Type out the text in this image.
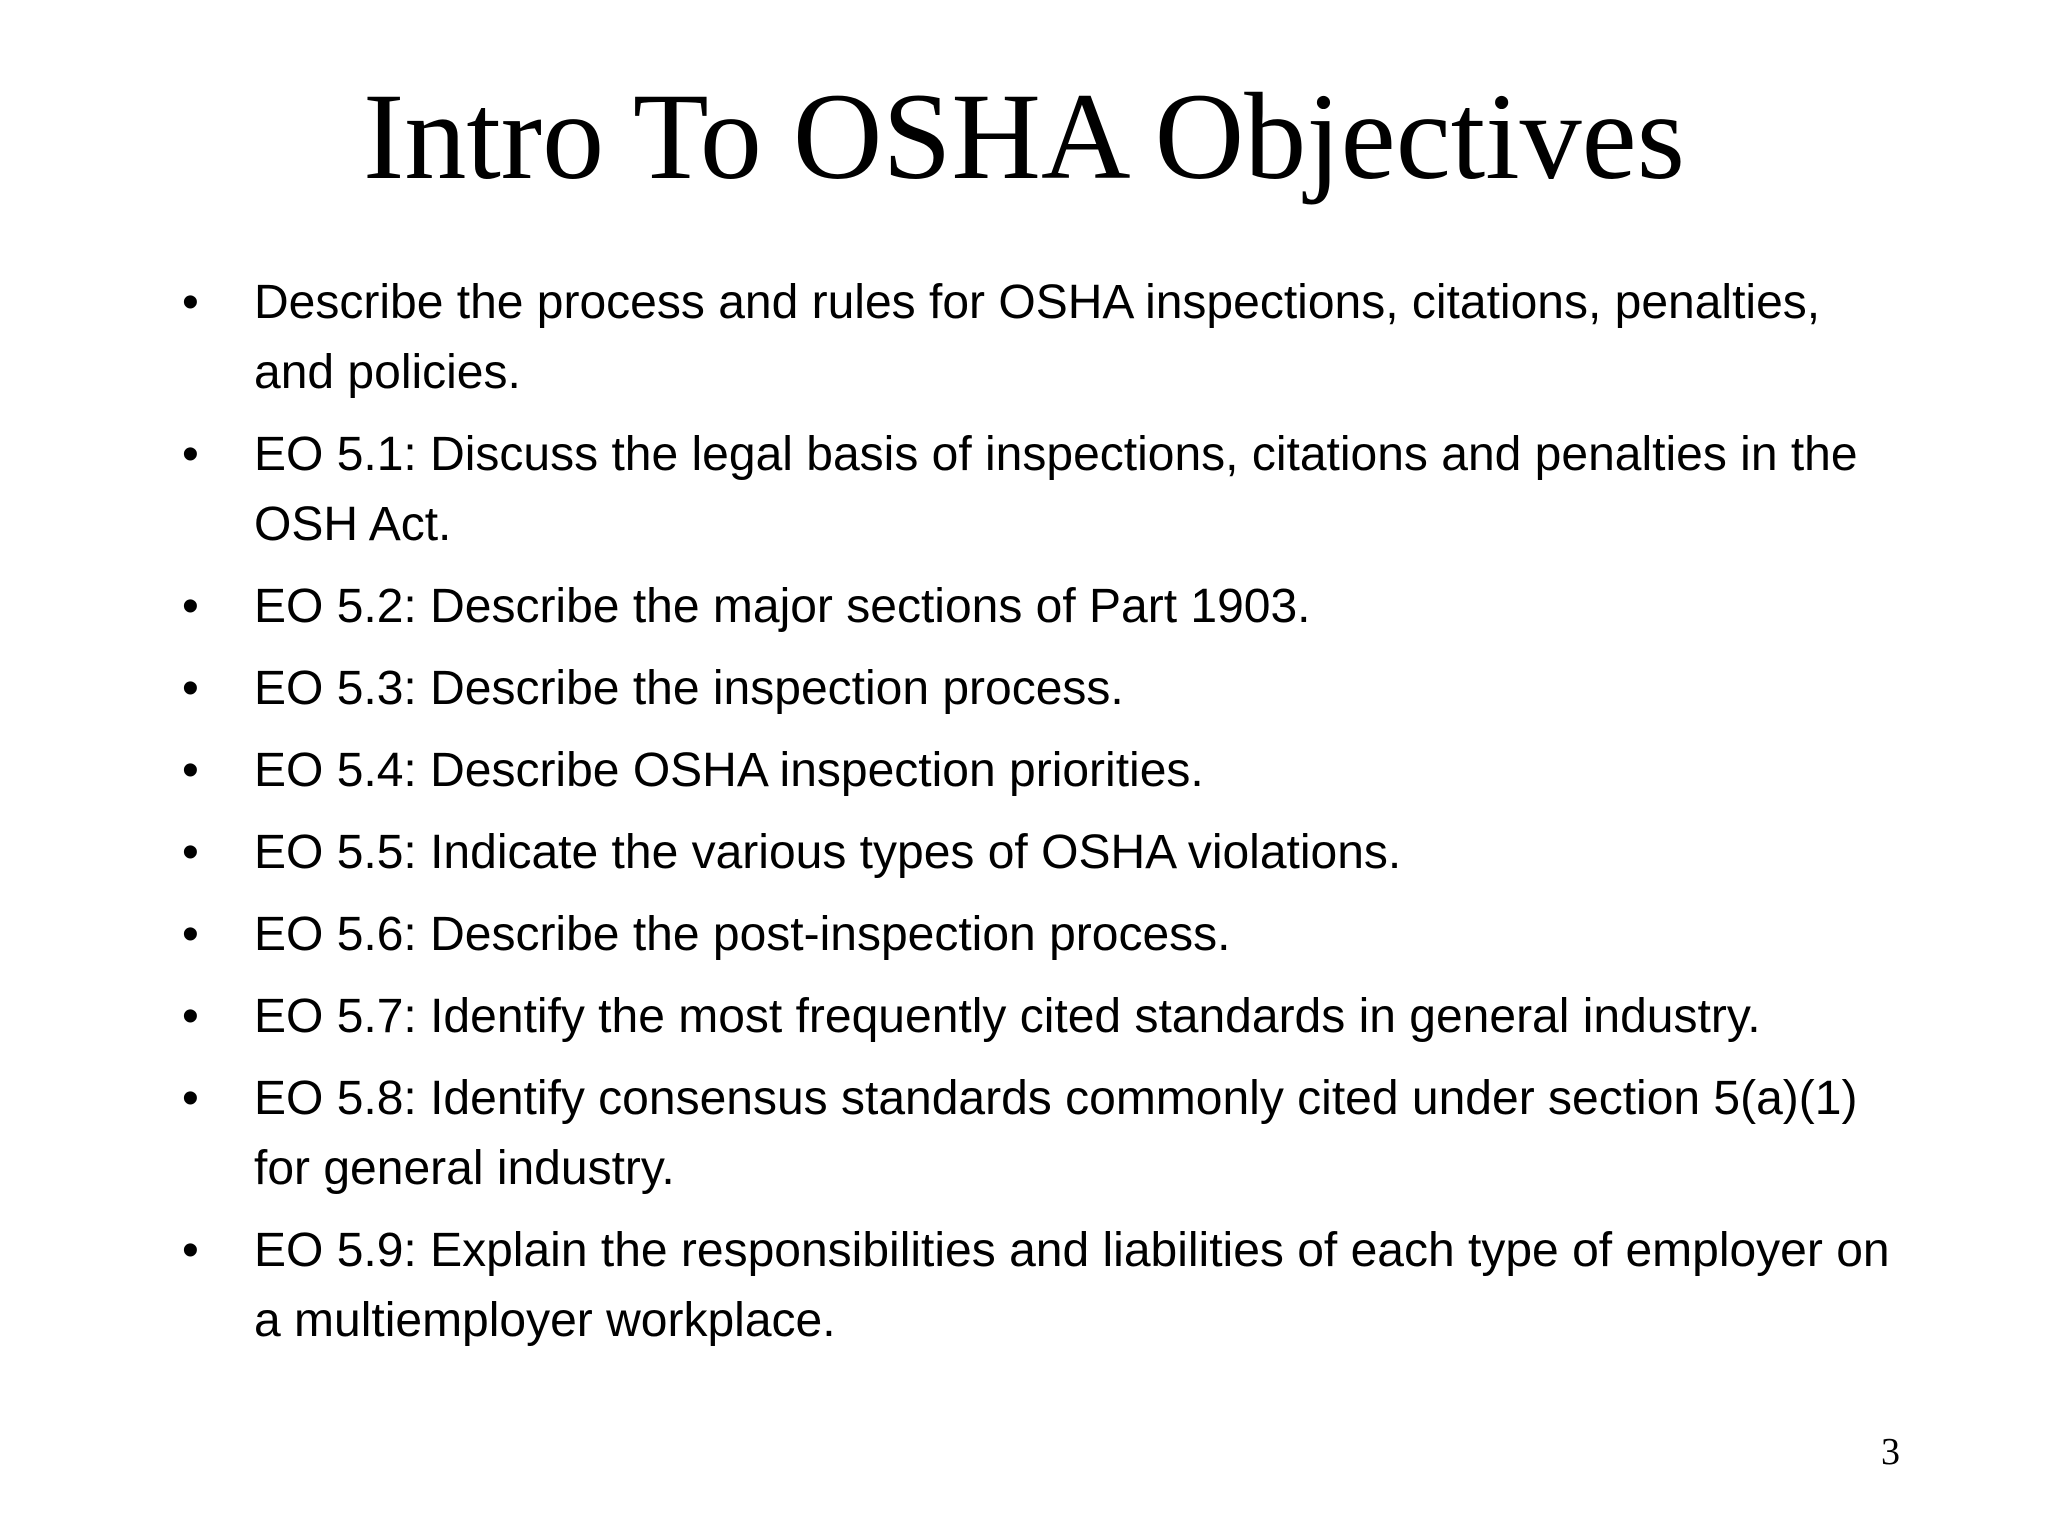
Intro To OSHA Objectives
• Describe the process and rules for OSHA inspections, citations, penalties, and policies.
• EO 5.1: Discuss the legal basis of inspections, citations and penalties in the OSH Act.
• EO 5.2: Describe the major sections of Part 1903.
• EO 5.3: Describe the inspection process.
• EO 5.4: Describe OSHA inspection priorities.
• EO 5.5: Indicate the various types of OSHA violations.
• EO 5.6: Describe the post-inspection process.
• EO 5.7: Identify the most frequently cited standards in general industry.
• EO 5.8: Identify consensus standards commonly cited under section 5(a)(1) for general industry.
• EO 5.9: Explain the responsibilities and liabilities of each type of employer on a multiemployer workplace.
3
